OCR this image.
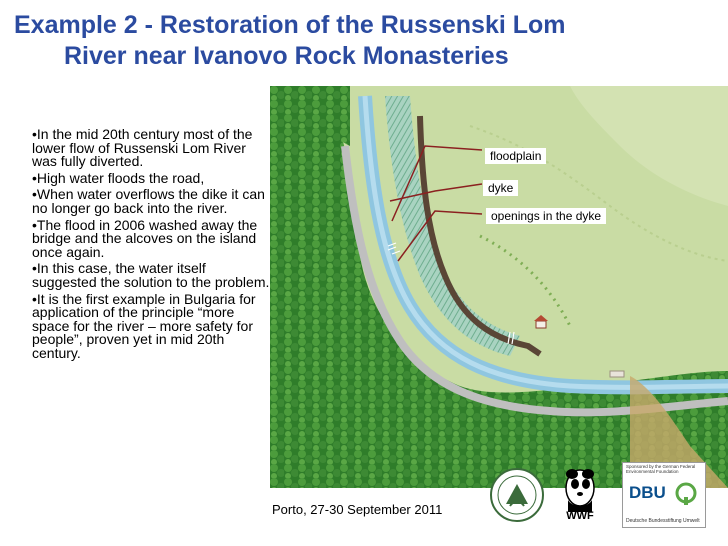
Example 2 - Restoration of the Russenski Lom
River near Ivanovo Rock Monasteries

•In the mid 20th century most of the lower flow of Russenski Lom River was fully diverted.

•High water floods the road,

•When water overflows the dike it can no longer go back into the river.

•The flood in 2006 washed away the bridge and the alcoves on the island once again.

•In this case, the water itself suggested the solution to the problem.

•It is the first example in Bulgaria for application of the principle “more space for the river – more safety for people”, proven yet in mid 20th century.

floodplain
dyke
openings in the dyke
Porto, 27-30 September 2011	WWF
Sponsored by the German Federal Environmental Foundation
DBU
Deutsche Bundesstiftung Umwelt
